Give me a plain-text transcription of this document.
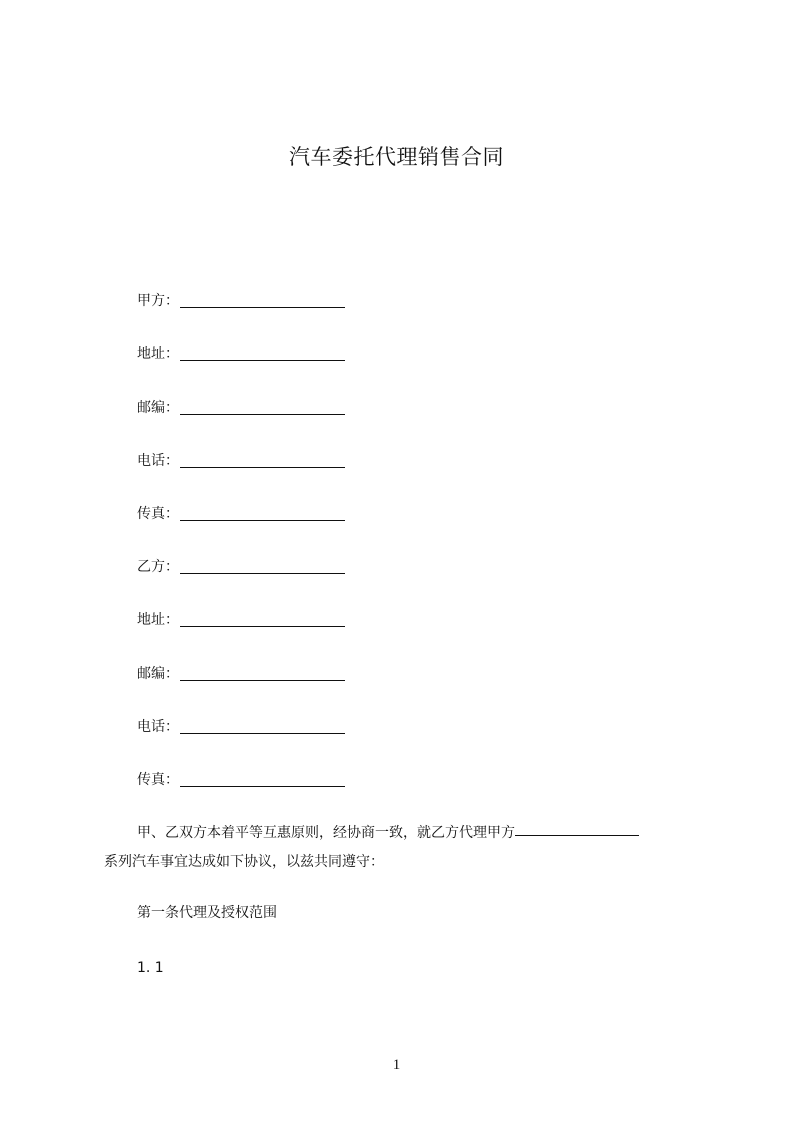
汽车委托代理销售合同
甲方：
地址：
邮编：
电话：
传真：
乙方：
地址：
邮编：
电话：
传真：
甲、乙双方本着平等互惠原则，经协商一致，就乙方代理甲方
系列汽车事宜达成如下协议，以兹共同遵守：
第一条代理及授权范围
1. 1
1
